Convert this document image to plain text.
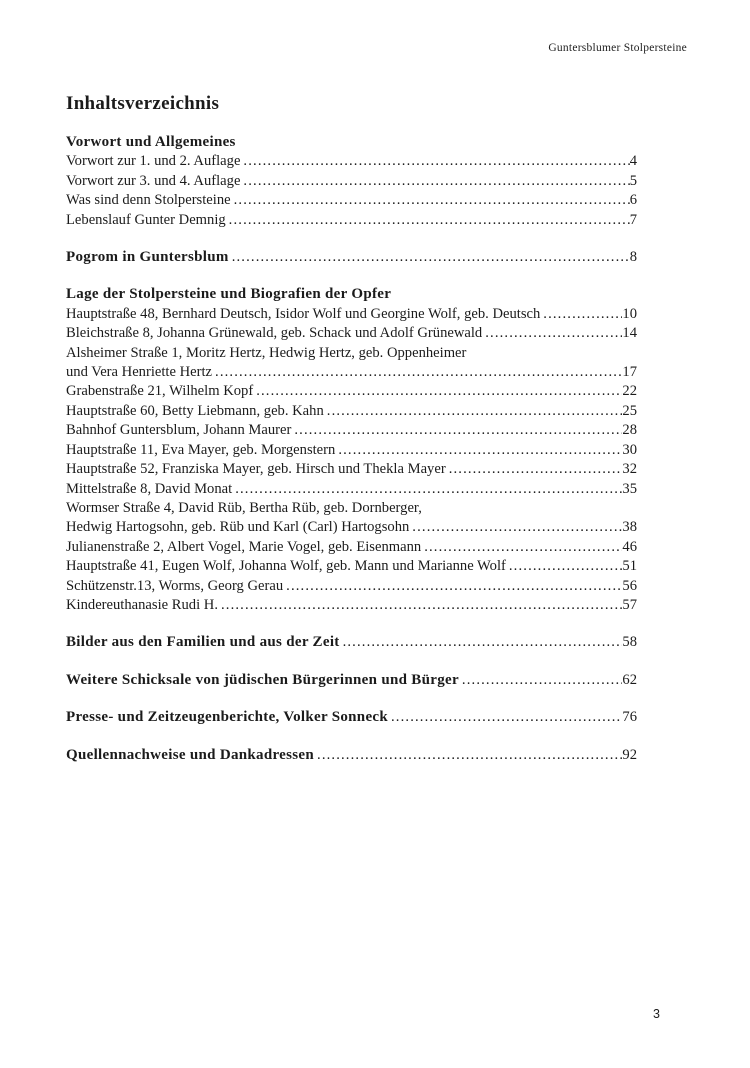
Guntersblumer Stolpersteine
Inhaltsverzeichnis
Vorwort und Allgemeines
Vorwort zur 1. und 2. Auflage .....	4
Vorwort zur 3. und 4. Auflage .....	5
Was sind denn Stolpersteine .....	6
Lebenslauf Gunter Demnig .....	7
Pogrom in Guntersblum .....	8
Lage der Stolpersteine und Biografien der Opfer
Hauptstraße 48, Bernhard Deutsch, Isidor Wolf und Georgine Wolf, geb. Deutsch .....	10
Bleichstraße 8, Johanna Grünewald, geb. Schack und Adolf Grünewald .....	14
Alsheimer Straße 1, Moritz Hertz, Hedwig Hertz, geb. Oppenheimer
und Vera Henriette Hertz .....	17
Grabenstraße 21, Wilhelm Kopf .....	22
Hauptstraße 60, Betty Liebmann, geb. Kahn .....	25
Bahnhof Guntersblum, Johann Maurer .....	28
Hauptstraße 11, Eva Mayer, geb. Morgenstern .....	30
Hauptstraße 52, Franziska Mayer, geb. Hirsch und Thekla Mayer .....	32
Mittelstraße 8, David Monat .....	35
Wormser Straße 4, David Rüb, Bertha Rüb, geb. Dornberger,
Hedwig Hartogsohn, geb. Rüb und Karl (Carl) Hartogsohn .....	38
Julianenstraße 2, Albert Vogel, Marie Vogel, geb. Eisenmann .....	46
Hauptstraße 41, Eugen Wolf, Johanna Wolf, geb. Mann und Marianne Wolf .....	51
Schützenstr.13, Worms, Georg Gerau .....	56
Kindereuthanasie Rudi H. .....	57
Bilder aus den Familien und aus der Zeit .....	58
Weitere Schicksale von jüdischen Bürgerinnen und Bürger .....	62
Presse- und Zeitzeugenberichte, Volker Sonneck .....	76
Quellennachweise und Dankadressen .....	92
3
